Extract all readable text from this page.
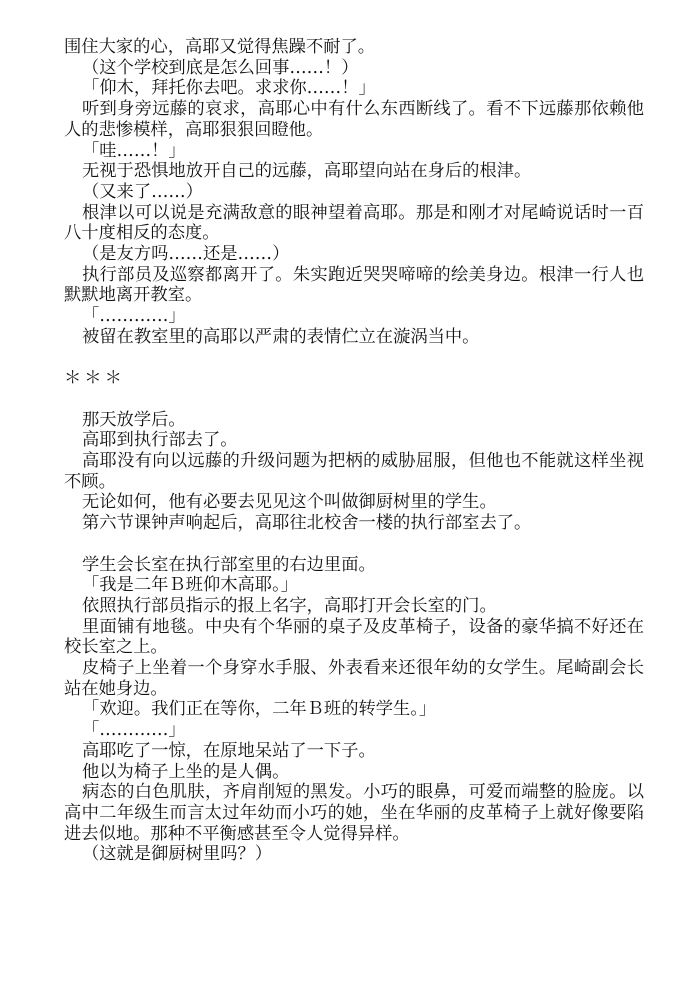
围住大家的心，高耶又觉得焦躁不耐了。

（这个学校到底是怎么回事……！）

「仰木，拜托你去吧。求求你……！」

听到身旁远藤的哀求，高耶心中有什么东西断线了。看不下远藤那依赖他人的悲惨模样，高耶狠狠回瞪他。

「哇……！」

无视于恐惧地放开自己的远藤，高耶望向站在身后的根津。

（又来了……）

根津以可以说是充满敌意的眼神望着高耶。那是和刚才对尾崎说话时一百八十度相反的态度。

（是友方吗……还是……）

执行部员及巡察都离开了。朱实跑近哭哭啼啼的绘美身边。根津一行人也默默地离开教室。

「…………」

被留在教室里的高耶以严肃的表情伫立在漩涡当中。

＊＊＊

那天放学后。

高耶到执行部去了。

高耶没有向以远藤的升级问题为把柄的威胁屈服，但他也不能就这样坐视不顾。

无论如何，他有必要去见见这个叫做御厨树里的学生。

第六节课钟声响起后，高耶往北校舍一楼的执行部室去了。

学生会长室在执行部室里的右边里面。

「我是二年Ｂ班仰木高耶。」

依照执行部员指示的报上名字，高耶打开会长室的门。

里面铺有地毯。中央有个华丽的桌子及皮革椅子，设备的豪华搞不好还在校长室之上。

皮椅子上坐着一个身穿水手服、外表看来还很年幼的女学生。尾崎副会长站在她身边。

「欢迎。我们正在等你，二年Ｂ班的转学生。」

「…………」

高耶吃了一惊，在原地呆站了一下子。

他以为椅子上坐的是人偶。

病态的白色肌肤，齐肩削短的黑发。小巧的眼鼻，可爱而端整的脸庞。以高中二年级生而言太过年幼而小巧的她，坐在华丽的皮革椅子上就好像要陷进去似地。那种不平衡感甚至令人觉得异样。

（这就是御厨树里吗？）
